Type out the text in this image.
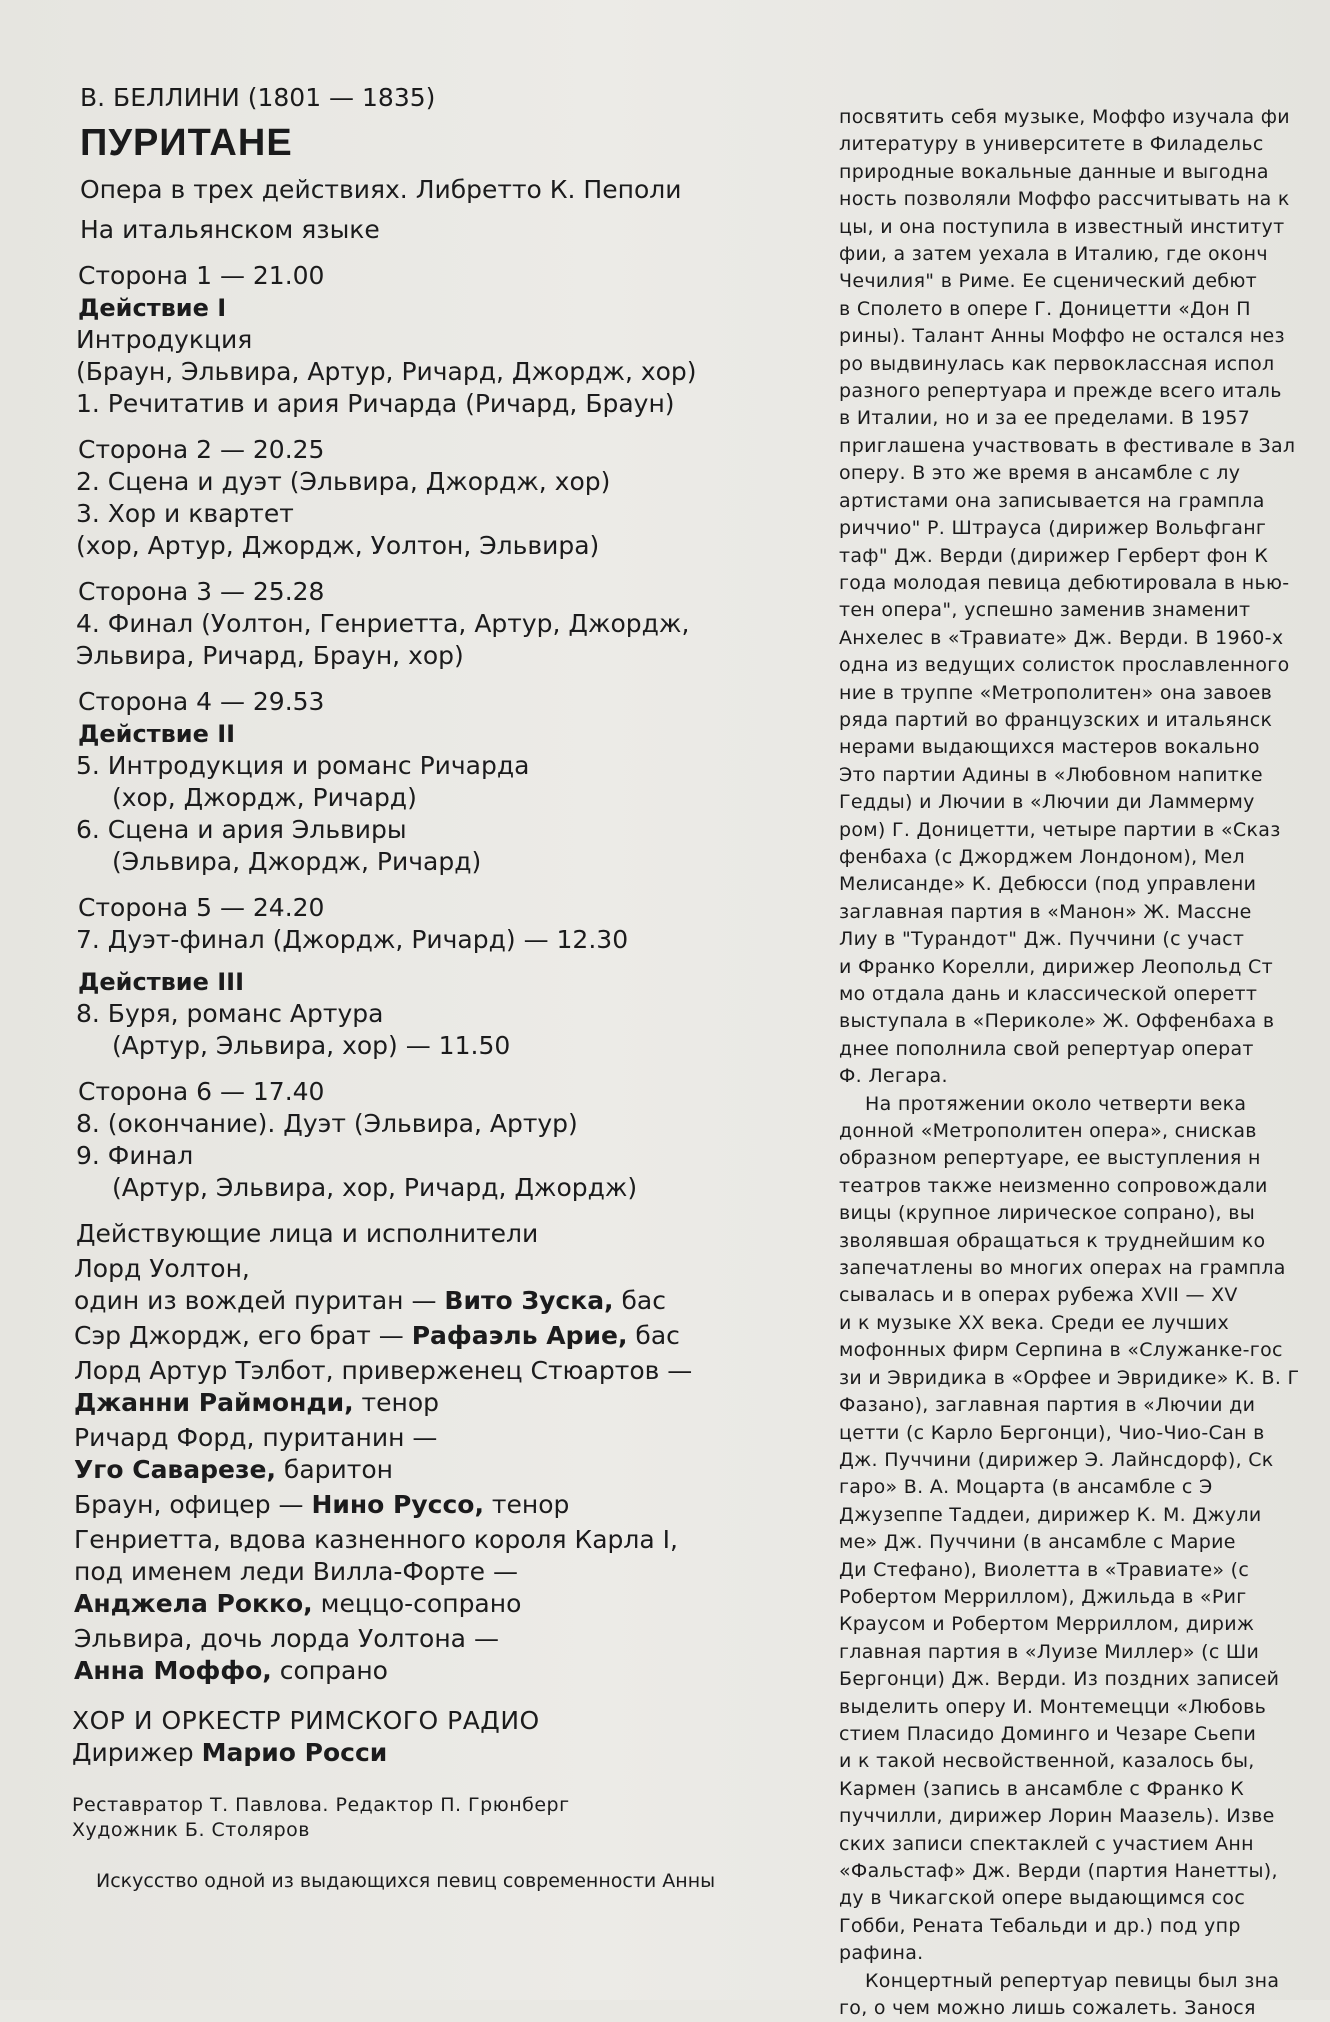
В. БЕЛЛИНИ (1801 — 1835)
ПУРИТАНЕ
Опера в трех действиях. Либретто К. Пеполи
На итальянском языке
Сторона 1 — 21.00
Действие I
Интродукция
(Браун, Эльвира, Артур, Ричард, Джордж, хор)
1. Речитатив и ария Ричарда (Ричард, Браун)
Сторона 2 — 20.25
2. Сцена и дуэт (Эльвира, Джордж, хор)
3. Хор и квартет
(хор, Артур, Джордж, Уолтон, Эльвира)
Сторона 3 — 25.28
4. Финал (Уолтон, Генриетта, Артур, Джордж,
Эльвира, Ричард, Браун, хор)
Сторона 4 — 29.53
Действие II
5. Интродукция и романс Ричарда
(хор, Джордж, Ричард)
6. Сцена и ария Эльвиры
(Эльвира, Джордж, Ричард)
Сторона 5 — 24.20
7. Дуэт-финал (Джордж, Ричард) — 12.30
Действие III
8. Буря, романс Артура
(Артур, Эльвира, хор) — 11.50
Сторона 6 — 17.40
8. (окончание). Дуэт (Эльвира, Артур)
9. Финал
(Артур, Эльвира, хор, Ричард, Джордж)
Действующие лица и исполнители
Лорд Уолтон,
один из вождей пуритан — Вито Зуска, бас
Сэр Джордж, его брат — Рафаэль Арие, бас
Лорд Артур Тэлбот, приверженец Стюартов —
Джанни Раймонди, тенор
Ричард Форд, пуританин —
Уго Саварезе, баритон
Браун, офицер — Нино Руссо, тенор
Генриетта, вдова казненного короля Карла I,
под именем леди Вилла-Форте —
Анджела Рокко, меццо-сопрано
Эльвира, дочь лорда Уолтона —
Анна Моффо, сопрано
ХОР И ОРКЕСТР РИМСКОГО РАДИО
Дирижер Марио Росси
Реставратор Т. Павлова. Редактор П. Грюнберг
Художник Б. Столяров
Искусство одной из выдающихся певиц современности Анны
посвятить себя музыке, Моффо изучала фи
литературу в университете в Филадельс
природные вокальные данные и выгодна
ность позволяли Моффо рассчитывать на к
цы, и она поступила в известный институт
фии, а затем уехала в Италию, где оконч
Чечилия" в Риме. Ее сценический дебют
в Сполето в опере Г. Доницетти «Дон П
рины). Талант Анны Моффо не остался нез
ро выдвинулась как первоклассная испол
разного репертуара и прежде всего италь
в Италии, но и за ее пределами. В 1957
приглашена участвовать в фестивале в Зал
оперу. В это же время в ансамбле с лу
артистами она записывается на грампла
риччио" Р. Штрауса (дирижер Вольфганг
таф" Дж. Верди (дирижер Герберт фон К
года молодая певица дебютировала в нью-
тен опера", успешно заменив знаменит
Анхелес в «Травиате» Дж. Верди. В 1960-х
одна из ведущих солисток прославленного
ние в труппе «Метрополитен» она завоев
ряда партий во французских и итальянск
нерами выдающихся мастеров вокально
Это партии Адины в «Любовном напитке
Гедды) и Лючии в «Лючии ди Ламмерму
ром) Г. Доницетти, четыре партии в «Сказ
фенбаха (с Джорджем Лондоном), Мел
Мелисанде» К. Дебюсси (под управлени
заглавная партия в «Манон» Ж. Массне
Лиу в "Турандот" Дж. Пуччини (с участ
и Франко Корелли, дирижер Леопольд Ст
мо отдала дань и классической оперетт
выступала в «Периколе» Ж. Оффенбаха в
днее пополнила свой репертуар операт
Ф. Легара.
На протяжении около четверти века
донной «Метрополитен опера», снискав
образном репертуаре, ее выступления н
театров также неизменно сопровождали
вицы (крупное лирическое сопрано), вы
зволявшая обращаться к труднейшим ко
запечатлены во многих операх на грампла
сывалась и в операх рубежа XVII — XV
и к музыке XX века. Среди ее лучших
мофонных фирм Серпина в «Служанке-гос
зи и Эвридика в «Орфее и Эвридике» К. В. Г
Фазано), заглавная партия в «Лючии ди
цетти (с Карло Бергонци), Чио-Чио-Сан в
Дж. Пуччини (дирижер Э. Лайнсдорф), Ск
гаро» В. А. Моцарта (в ансамбле с Э
Джузеппе Таддеи, дирижер К. М. Джули
ме» Дж. Пуччини (в ансамбле с Марие
Ди Стефано), Виолетта в «Травиате» (с
Робертом Мерриллом), Джильда в «Риг
Краусом и Робертом Мерриллом, дириж
главная партия в «Луизе Миллер» (с Ши
Бергонци) Дж. Верди. Из поздних записей
выделить оперу И. Монтемецци «Любовь
стием Пласидо Доминго и Чезаре Сьепи
и к такой несвойственной, казалось бы,
Кармен (запись в ансамбле с Франко К
пуччилли, дирижер Лорин Маазель). Изве
ских записи спектаклей с участием Анн
«Фальстаф» Дж. Верди (партия Нанетты),
ду в Чикагской опере выдающимся сос
Гобби, Рената Тебальди и др.) под упр
рафина.
Концертный репертуар певицы был зна
го, о чем можно лишь сожалеть. Занося
